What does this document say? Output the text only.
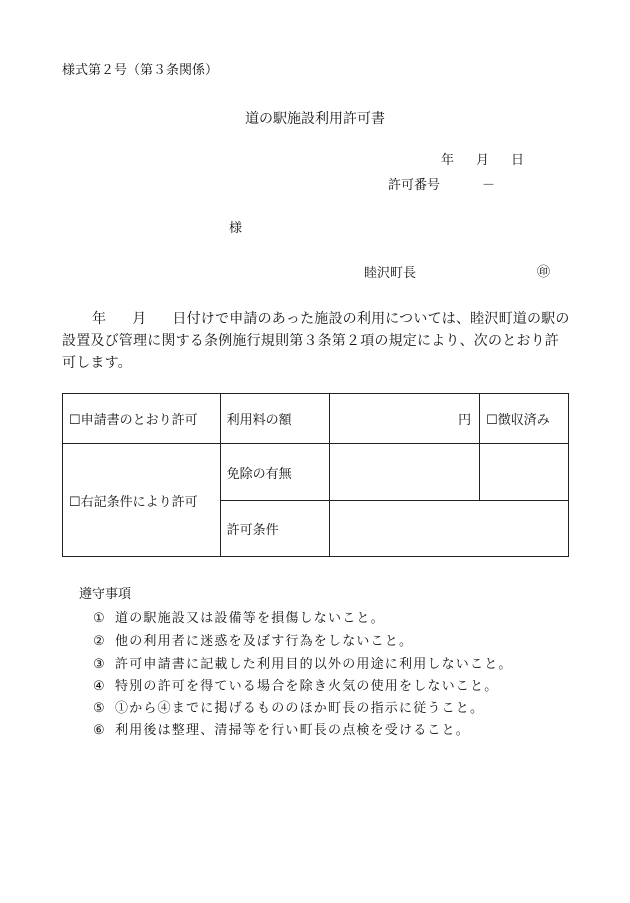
様式第２号（第３条関係）
道の駅施設利用許可書
年 月 日
許可番号	－
様
睦沢町長	㊞
年 月 日付けで申請のあった施設の利用については、睦沢町道の駅の設置及び管理に関する条例施行規則第３条第２項の規定により、次のとおり許可します。
☐申請書のとおり許可	利用料の額	円	☐徴収済み
☐右記条件により許可	免除の有無		
	許可条件		
遵守事項
① 道の駅施設又は設備等を損傷しないこと。
② 他の利用者に迷惑を及ぼす行為をしないこと。
③ 許可申請書に記載した利用目的以外の用途に利用しないこと。
④ 特別の許可を得ている場合を除き火気の使用をしないこと。
⑤ ①から④までに掲げるもののほか町長の指示に従うこと。
⑥ 利用後は整理、清掃等を行い町長の点検を受けること。
